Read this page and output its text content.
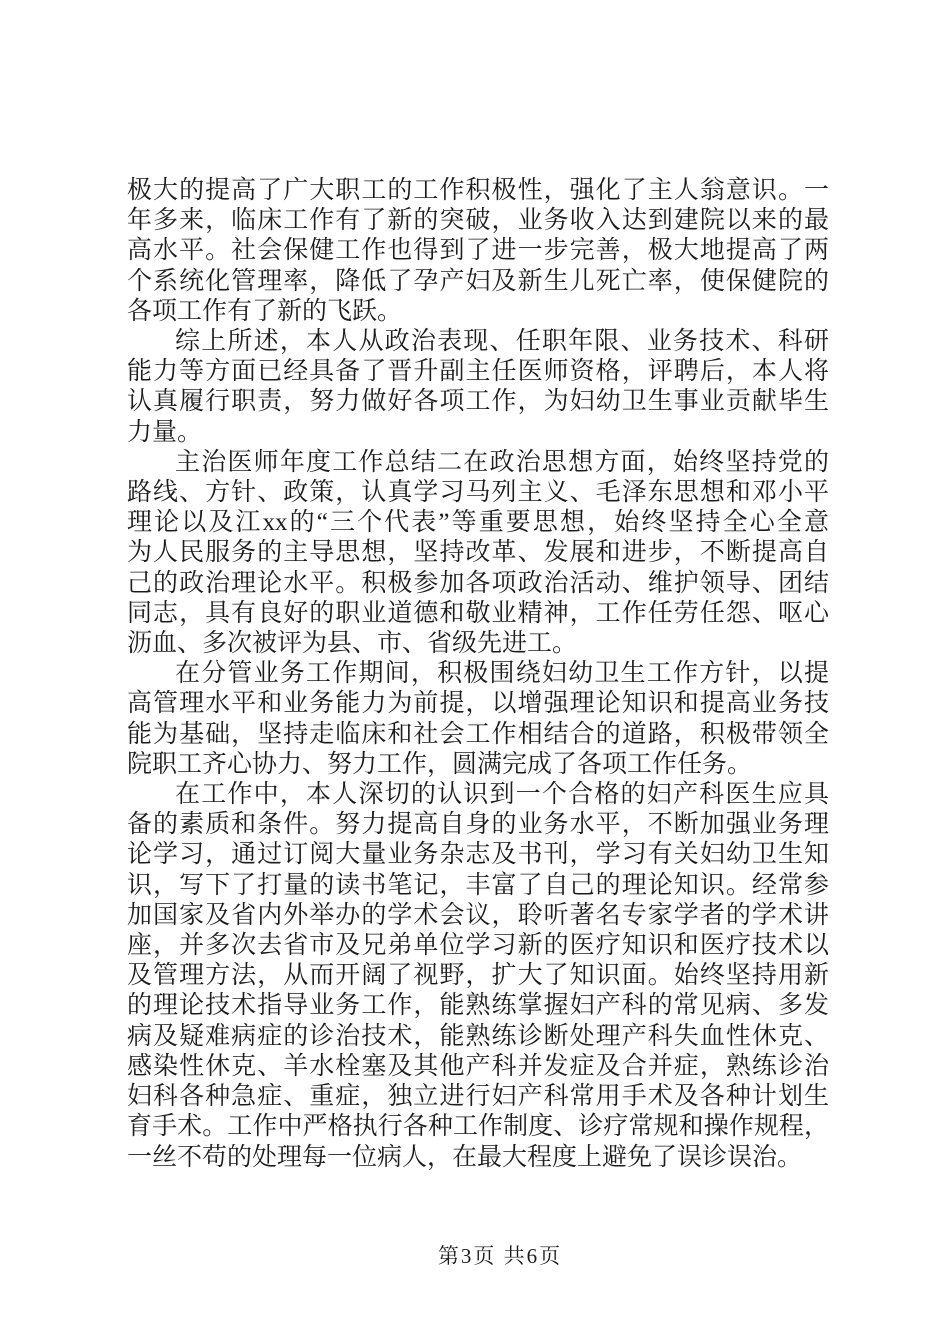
极大的提高了广大职工的工作积极性，强化了主人翁意识。一
年多来，临床工作有了新的突破，业务收入达到建院以来的最
高水平。社会保健工作也得到了进一步完善，极大地提高了两
个系统化管理率，降低了孕产妇及新生儿死亡率，使保健院的
各项工作有了新的飞跃。
综上所述，本人从政治表现、任职年限、业务技术、科研
能力等方面已经具备了晋升副主任医师资格，评聘后，本人将
认真履行职责，努力做好各项工作，为妇幼卫生事业贡献毕生
力量。
主治医师年度工作总结二在政治思想方面，始终坚持党的
路线、方针、政策，认真学习马列主义、毛泽东思想和邓小平
理论以及江xx的“三个代表”等重要思想，始终坚持全心全意
为人民服务的主导思想，坚持改革、发展和进步，不断提高自
己的政治理论水平。积极参加各项政治活动、维护领导、团结
同志，具有良好的职业道德和敬业精神，工作任劳任怨、呕心
沥血、多次被评为县、市、省级先进工。
在分管业务工作期间，积极围绕妇幼卫生工作方针，以提
高管理水平和业务能力为前提，以增强理论知识和提高业务技
能为基础，坚持走临床和社会工作相结合的道路，积极带领全
院职工齐心协力、努力工作，圆满完成了各项工作任务。
在工作中，本人深切的认识到一个合格的妇产科医生应具
备的素质和条件。努力提高自身的业务水平，不断加强业务理
论学习，通过订阅大量业务杂志及书刊，学习有关妇幼卫生知
识，写下了打量的读书笔记，丰富了自己的理论知识。经常参
加国家及省内外举办的学术会议，聆听著名专家学者的学术讲
座，并多次去省市及兄弟单位学习新的医疗知识和医疗技术以
及管理方法，从而开阔了视野，扩大了知识面。始终坚持用新
的理论技术指导业务工作，能熟练掌握妇产科的常见病、多发
病及疑难病症的诊治技术，能熟练诊断处理产科失血性休克、
感染性休克、羊水栓塞及其他产科并发症及合并症，熟练诊治
妇科各种急症、重症，独立进行妇产科常用手术及各种计划生
育手术。工作中严格执行各种工作制度、诊疗常规和操作规程，
一丝不苟的处理每一位病人，在最大程度上避免了误诊误治。
第3页 共6页
